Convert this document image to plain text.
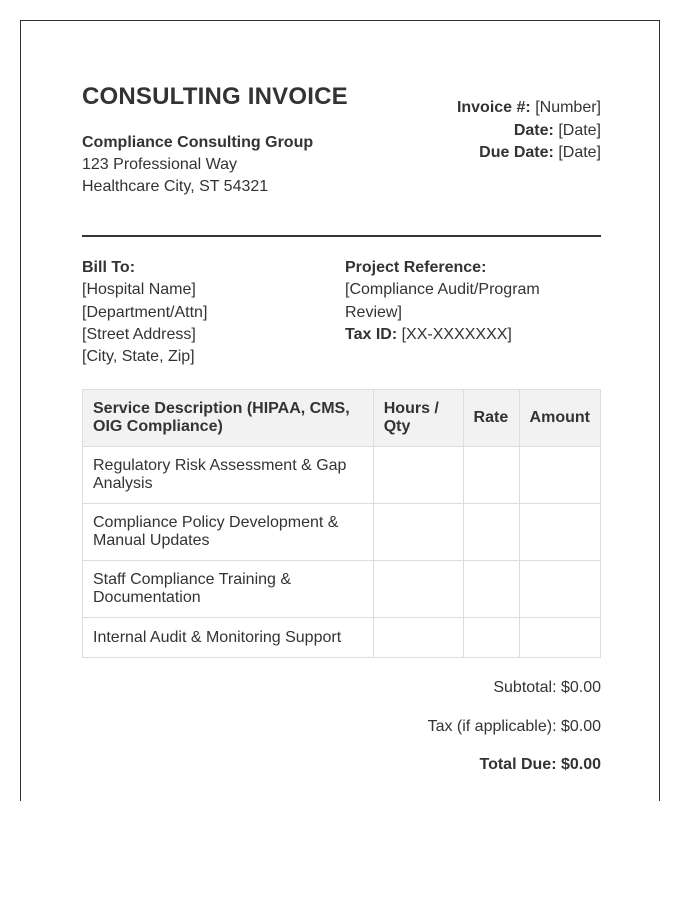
CONSULTING INVOICE
Compliance Consulting Group
123 Professional Way
Healthcare City, ST 54321
Invoice #: [Number]
Date: [Date]
Due Date: [Date]
Bill To:
[Hospital Name]
[Department/Attn]
[Street Address]
[City, State, Zip]
Project Reference:
[Compliance Audit/Program Review]
Tax ID: [XX-XXXXXXX]
Service Description (HIPAA, CMS, OIG Compliance)	Hours / Qty	Rate	Amount
Regulatory Risk Assessment & Gap Analysis			
Compliance Policy Development & Manual Updates			
Staff Compliance Training & Documentation			
Internal Audit & Monitoring Support			
Subtotal: $0.00
Tax (if applicable): $0.00
Total Due: $0.00
